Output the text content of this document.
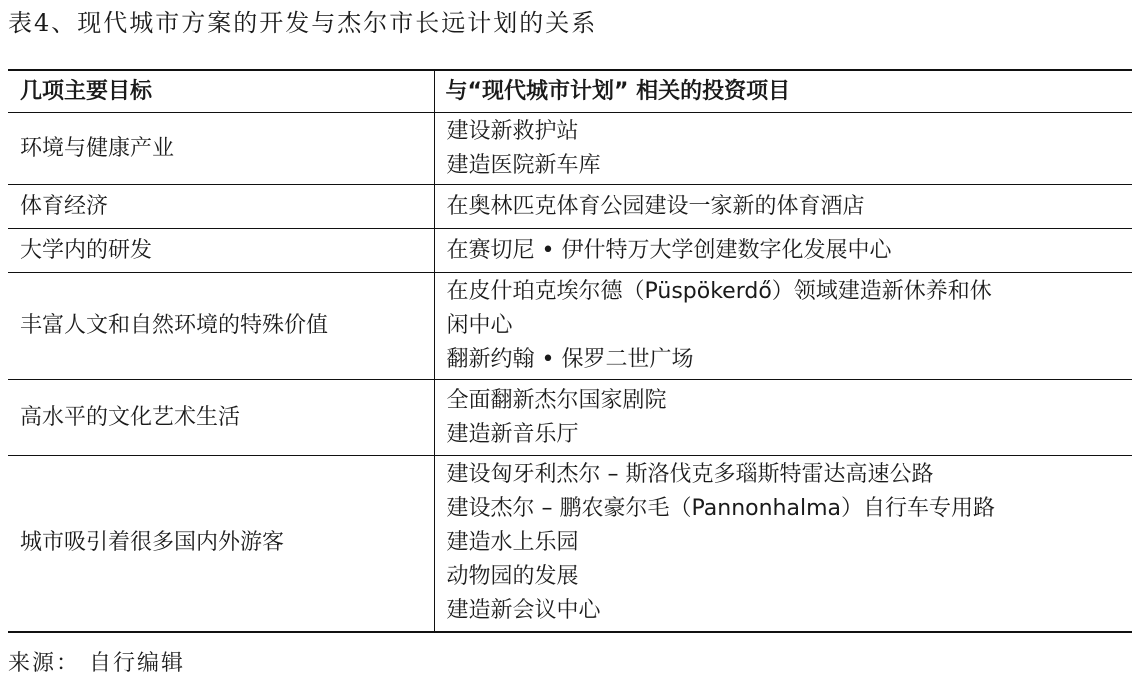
表4、现代城市方案的开发与杰尔市长远计划的关系
几项主要目标	与“现代城市计划” 相关的投资项目
环境与健康产业	建设新救护站
建造医院新车库

体育经济	在奥林匹克体育公园建设一家新的体育酒店

大学内的研发	在赛切尼 • 伊什特万大学创建数字化发展中心

丰富人文和自然环境的特殊价值	在皮什珀克埃尔德（Püspökerdő）领域建造新休养和休
闲中心
翻新约翰 • 保罗二世广场

高水平的文化艺术生活	全面翻新杰尔国家剧院
建造新音乐厅

城市吸引着很多国内外游客	建设匈牙利杰尔 – 斯洛伐克多瑙斯特雷达高速公路
建设杰尔 – 鹏农豪尔毛（Pannonhalma）自行车专用路
建造水上乐园
动物园的发展
建造新会议中心
来源： 自行编辑
